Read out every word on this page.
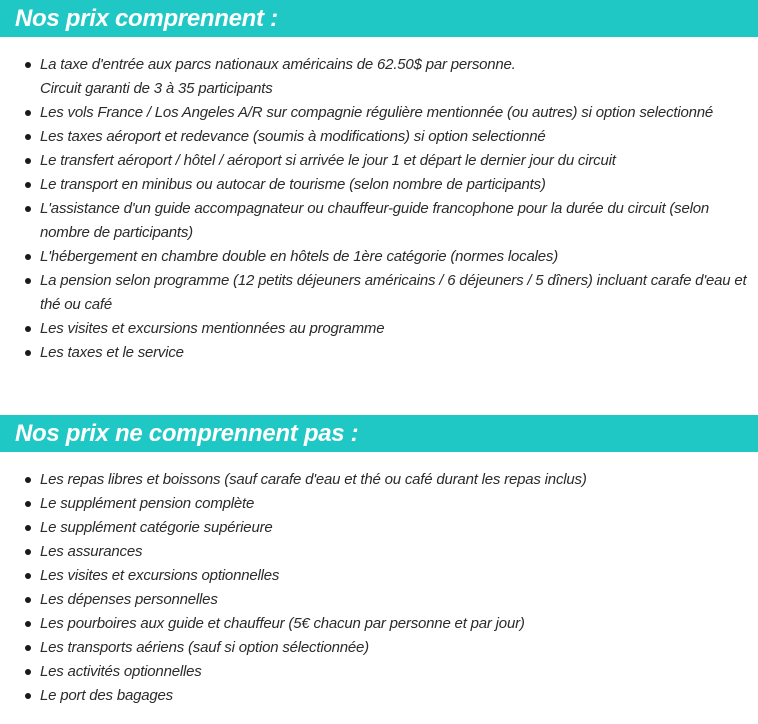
Nos prix comprennent :
La taxe d'entrée aux parcs nationaux américains de 62.50$ par personne.
Circuit garanti de 3 à 35 participants
Les vols France / Los Angeles A/R sur compagnie régulière mentionnée (ou autres) si option selectionné
Les taxes aéroport et redevance (soumis à modifications) si option selectionné
Le transfert aéroport / hôtel / aéroport si arrivée le jour 1 et départ le dernier jour du circuit
Le transport en minibus ou autocar de tourisme (selon nombre de participants)
L'assistance d'un guide accompagnateur ou chauffeur-guide francophone pour la durée du circuit (selon nombre de participants)
L'hébergement en chambre double en hôtels de 1ère catégorie (normes locales)
La pension selon programme (12 petits déjeuners américains / 6 déjeuners / 5 dîners) incluant carafe d'eau et thé ou café
Les visites et excursions mentionnées au programme
Les taxes et le service
Nos prix ne comprennent pas :
Les repas libres et boissons (sauf carafe d'eau et thé ou café durant les repas inclus)
Le supplément pension complète
Le supplément catégorie supérieure
Les assurances
Les visites et excursions optionnelles
Les dépenses personnelles
Les pourboires aux guide et chauffeur (5€ chacun par personne et par jour)
Les transports aériens (sauf si option sélectionnée)
Les activités optionnelles
Le port des bagages
